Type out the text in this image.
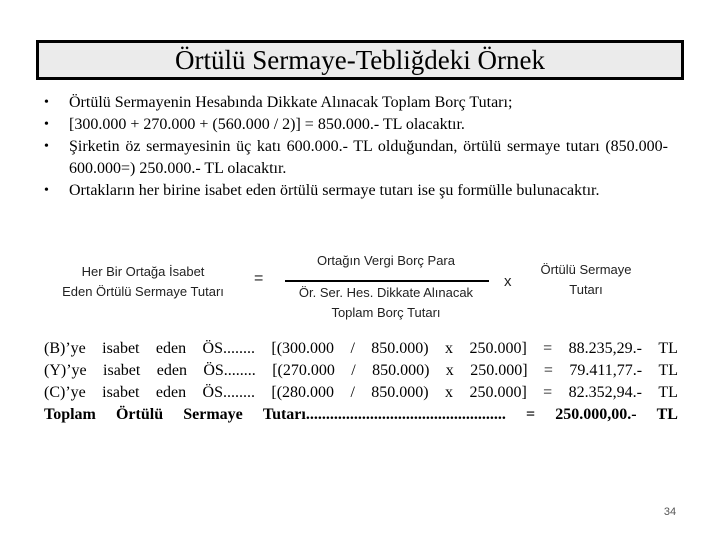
Örtülü Sermaye-Tebliğdeki Örnek
•	Örtülü Sermayenin Hesabında Dikkate Alınacak Toplam Borç Tutarı;
•	[300.000 + 270.000 + (560.000 / 2)] = 850.000.- TL olacaktır.
•	Şirketin öz sermayesinin üç katı 600.000.- TL olduğundan, örtülü sermaye tutarı (850.000-600.000=) 250.000.- TL olacaktır.
•	Ortakların her birine isabet eden örtülü sermaye tutarı ise şu formülle bulunacaktır.
Her Bir Ortağa İsabet
Eden Örtülü Sermaye Tutarı
=
Ortağın Vergi Borç Para
Ör. Ser. Hes. Dikkate Alınacak
Toplam Borç Tutarı
x
Örtülü Sermaye
Tutarı
(B)’ye isabet eden ÖS........ [(300.000 / 850.000) x 250.000] = 88.235,29.- TL
(Y)’ye isabet eden ÖS........ [(270.000 / 850.000) x 250.000] = 79.411,77.- TL
(C)’ye isabet eden ÖS........ [(280.000 / 850.000) x 250.000] = 82.352,94.- TL
Toplam Örtülü Sermaye Tutarı.................................................. = 250.000,00.- TL
34
